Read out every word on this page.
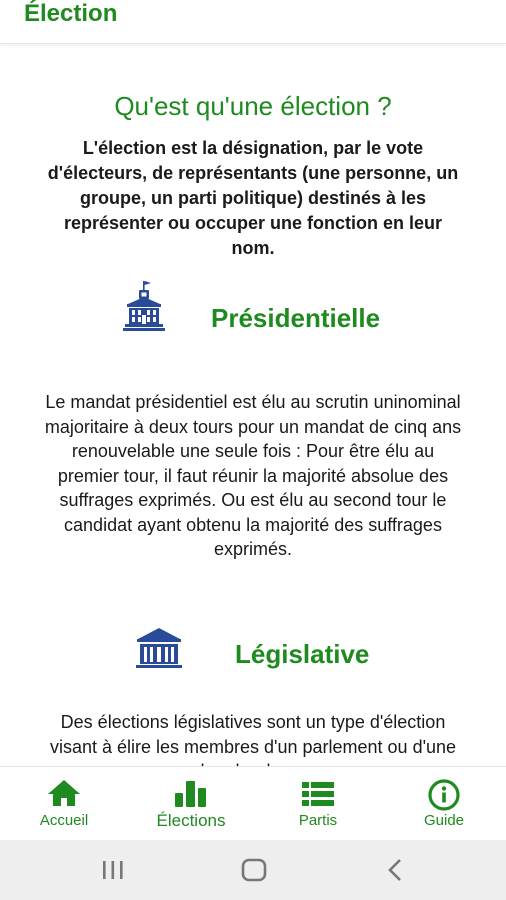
Élection
Qu'est qu'une élection ?
L'élection est la désignation, par le vote d'électeurs, de représentants (une personne, un groupe, un parti politique) destinés à les représenter ou occuper une fonction en leur nom.
Présidentielle
Le mandat présidentiel est élu au scrutin uninominal majoritaire à deux tours pour un mandat de cinq ans renouvelable une seule fois : Pour être élu au premier tour, il faut réunir la majorité absolue des suffrages exprimés. Ou est élu au second tour le candidat ayant obtenu la majorité des suffrages exprimés.
Législative
Des élections législatives sont un type d'élection visant à élire les membres d'un parlement ou d'une
Accueil	Élections	Partis	Guide
